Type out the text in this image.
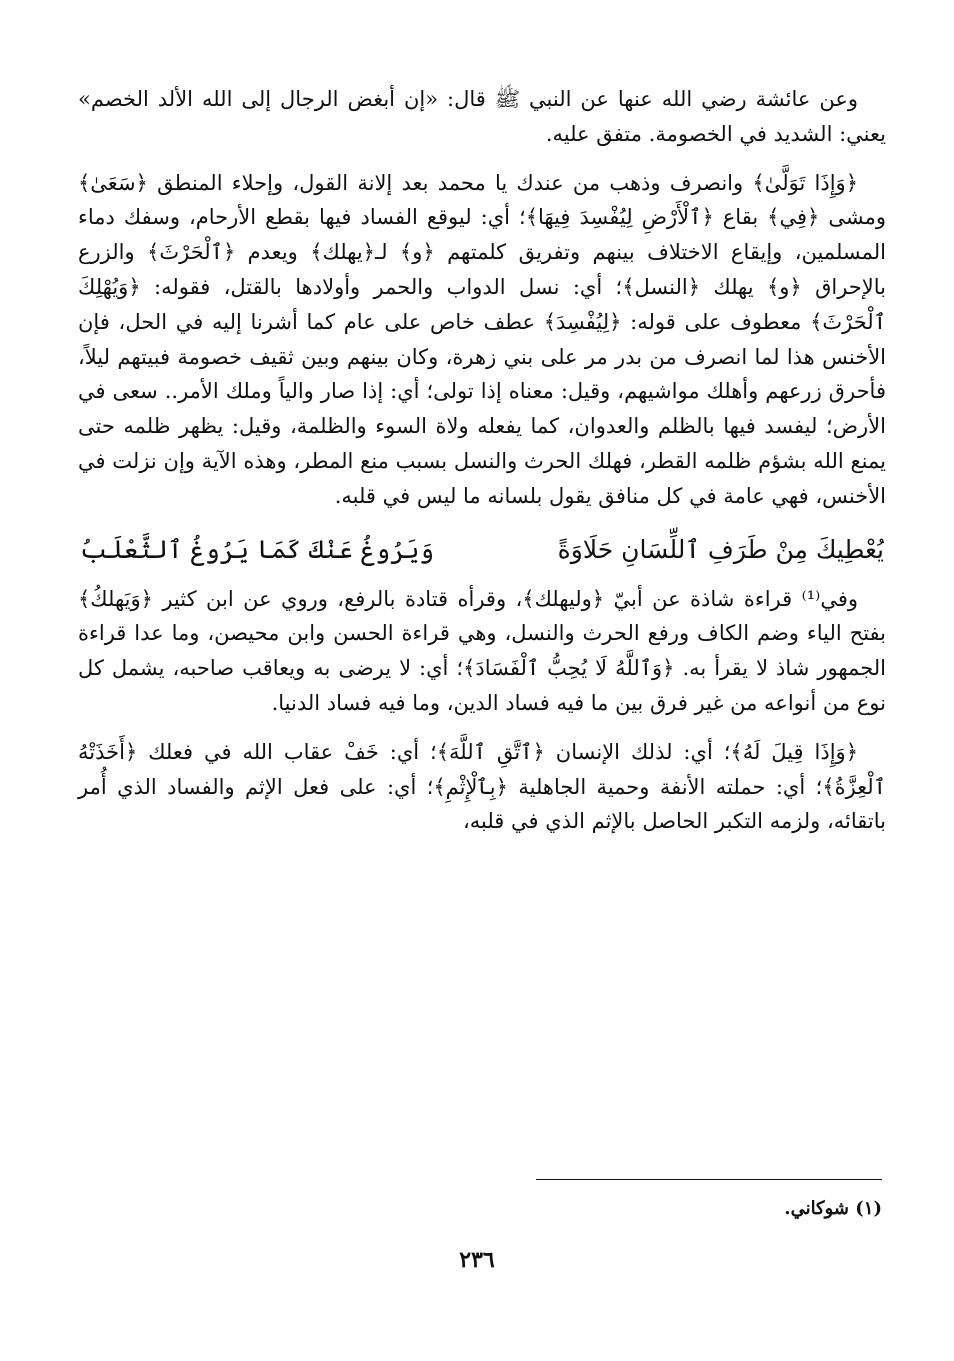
وعن عائشة رضي الله عنها عن النبي ﷺ قال: «إن أبغض الرجال إلى الله الألد الخصم» يعني: الشديد في الخصومة. متفق عليه.

﴿وَإِذَا تَوَلَّىٰ﴾ وانصرف وذهب من عندك يا محمد بعد إلانة القول، وإحلاء المنطق ﴿سَعَىٰ﴾ ومشى ﴿فِي﴾ بقاع ﴿ٱلْأَرْضِ لِيُفْسِدَ فِيهَا﴾؛ أي: ليوقع الفساد فيها بقطع الأرحام، وسفك دماء المسلمين، وإيقاع الاختلاف بينهم وتفريق كلمتهم ﴿و﴾ لـ﴿يهلك﴾ ويعدم ﴿ٱلْحَرْثَ﴾ والزرع بالإحراق ﴿و﴾ يهلك ﴿النسل﴾؛ أي: نسل الدواب والحمر وأولادها بالقتل، فقوله: ﴿وَيُهْلِكَ ٱلْحَرْثَ﴾ معطوف على قوله: ﴿لِيُفْسِدَ﴾ عطف خاص على عام كما أشرنا إليه في الحل، فإن الأخنس هذا لما انصرف من بدر مر على بني زهرة، وكان بينهم وبين ثقيف خصومة فبيتهم ليلاً، فأحرق زرعهم وأهلك مواشيهم، وقيل: معناه إذا تولى؛ أي: إذا صار والياً وملك الأمر.. سعى في الأرض؛ ليفسد فيها بالظلم والعدوان، كما يفعله ولاة السوء والظلمة، وقيل: يظهر ظلمه حتى يمنع الله بشؤم ظلمه القطر، فهلك الحرث والنسل بسبب منع المطر، وهذه الآية وإن نزلت في الأخنس، فهي عامة في كل منافق يقول بلسانه ما ليس في قلبه.

يُعْطِيكَ مِنْ طَرَفِ ٱللِّسَانِ حَلَاوَةً
وَيَرُوغُ عَنْكَ كَمَا يَرُوغُ ٱلثَّعْلَبُ

وفي⁽¹⁾ قراءة شاذة عن أبيّ ﴿وليهلك﴾، وقرأه قتادة بالرفع، وروي عن ابن كثير ﴿وَيَهلكُ﴾ بفتح الياء وضم الكاف ورفع الحرث والنسل، وهي قراءة الحسن وابن محيصن، وما عدا قراءة الجمهور شاذ لا يقرأ به. ﴿وَٱللَّهُ لَا يُحِبُّ ٱلْفَسَادَ﴾؛ أي: لا يرضى به ويعاقب صاحبه، يشمل كل نوع من أنواعه من غير فرق بين ما فيه فساد الدين، وما فيه فساد الدنيا.

﴿وَإِذَا قِيلَ لَهُ﴾؛ أي: لذلك الإنسان ﴿ٱتَّقِ ٱللَّهَ﴾؛ أي: خَفْ عقاب الله في فعلك ﴿أَخَذَتْهُ ٱلْعِزَّةُ﴾؛ أي: حملته الأنفة وحمية الجاهلية ﴿بِٱلْإِثْمِ﴾؛ أي: على فعل الإثم والفساد الذي أُمر باتقائه، ولزمه التكبر الحاصل بالإثم الذي في قلبه،

(١) شوكاني.
٢٣٦
